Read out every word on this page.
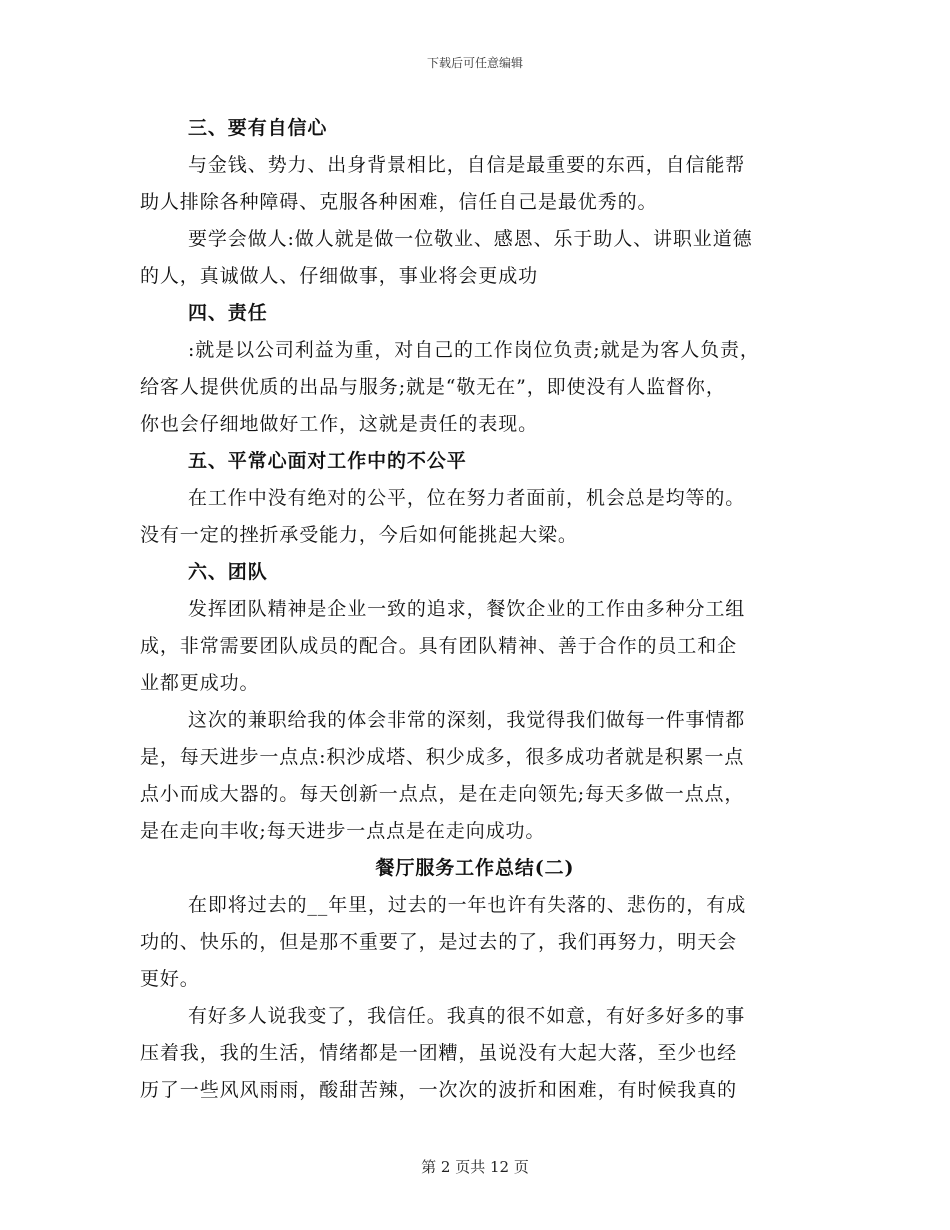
下载后可任意编辑
三、要有自信心
与金钱、势力、出身背景相比，自信是最重要的东西，自信能帮
助人排除各种障碍、克服各种困难，信任自己是最优秀的。
要学会做人:做人就是做一位敬业、感恩、乐于助人、讲职业道德
的人，真诚做人、仔细做事，事业将会更成功
四、责任
:就是以公司利益为重，对自己的工作岗位负责;就是为客人负责，
给客人提供优质的出品与服务;就是“敬无在”，即使没有人监督你，
你也会仔细地做好工作，这就是责任的表现。
五、平常心面对工作中的不公平
在工作中没有绝对的公平，位在努力者面前，机会总是均等的。
没有一定的挫折承受能力，今后如何能挑起大梁。
六、团队
发挥团队精神是企业一致的追求，餐饮企业的工作由多种分工组
成，非常需要团队成员的配合。具有团队精神、善于合作的员工和企
业都更成功。
这次的兼职给我的体会非常的深刻，我觉得我们做每一件事情都
是，每天进步一点点:积沙成塔、积少成多，很多成功者就是积累一点
点小而成大器的。每天创新一点点，是在走向领先;每天多做一点点，
是在走向丰收;每天进步一点点是在走向成功。
餐厅服务工作总结(二)
在即将过去的__年里，过去的一年也许有失落的、悲伤的，有成
功的、快乐的，但是那不重要了，是过去的了，我们再努力，明天会
更好。
有好多人说我变了，我信任。我真的很不如意，有好多好多的事
压着我，我的生活，情绪都是一团糟，虽说没有大起大落，至少也经
历了一些风风雨雨，酸甜苦辣，一次次的波折和困难，有时候我真的
第 2 页共 12 页
